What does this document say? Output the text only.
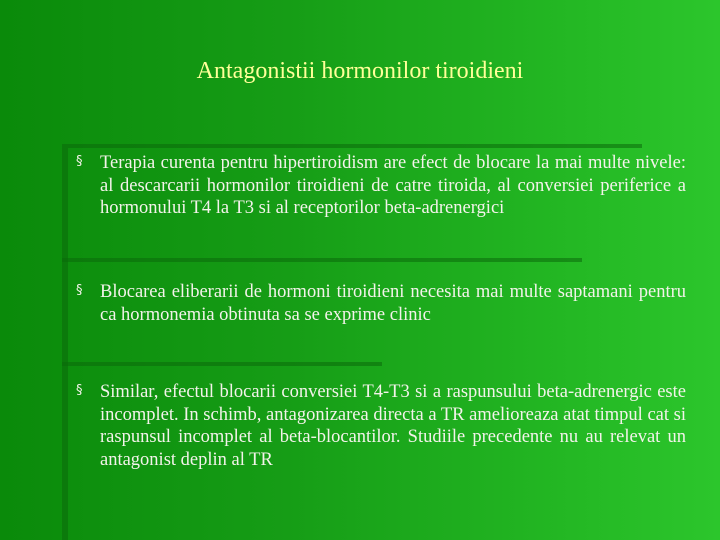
Antagonistii hormonilor tiroidieni
§ Terapia curenta pentru hipertiroidism are efect de blocare la mai multe nivele: al descarcarii hormonilor tiroidieni de catre tiroida, al conversiei periferice a hormonului T4 la T3 si al receptorilor beta-adrenergici

§ Blocarea eliberarii de hormoni tiroidieni necesita mai multe saptamani pentru ca hormonemia obtinuta sa se exprime clinic

§ Similar, efectul blocarii conversiei T4-T3 si a raspunsului beta-adrenergic este incomplet. In schimb, antagonizarea directa a TR amelioreaza atat timpul cat si raspunsul incomplet al beta-blocantilor. Studiile precedente nu au relevat un antagonist deplin al TR
